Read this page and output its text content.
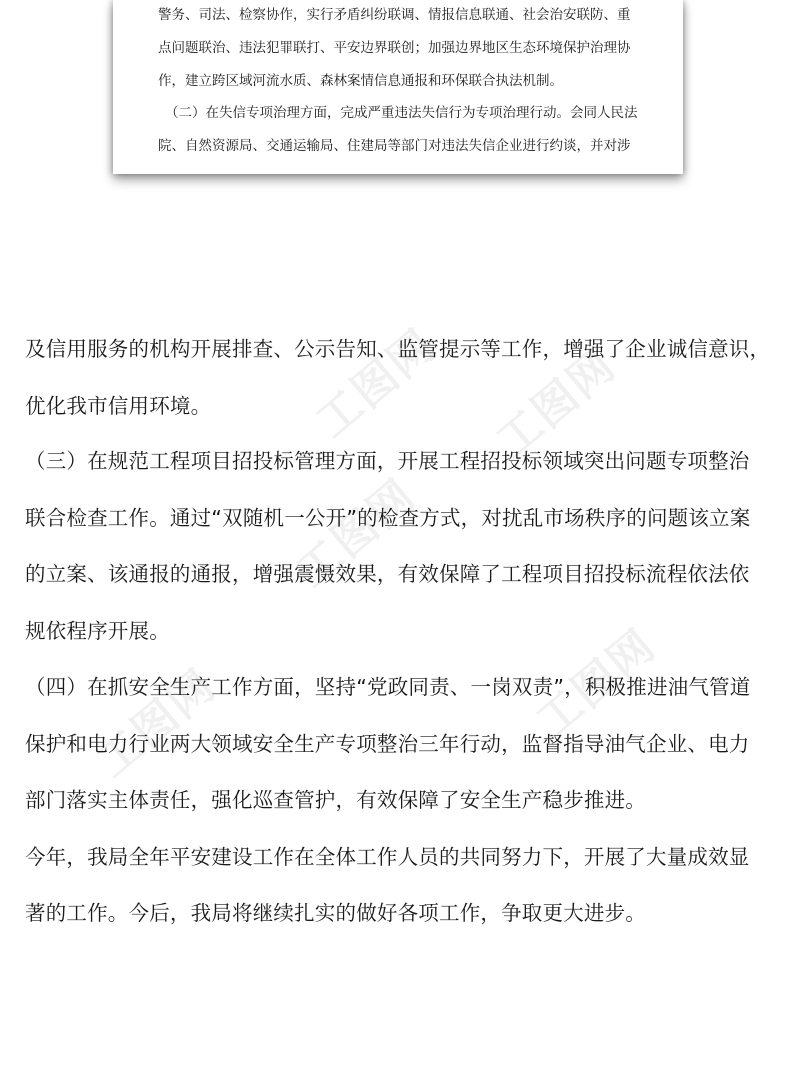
工图网
工图网
工图网	工图网
工图网

警务、司法、检察协作，实行矛盾纠纷联调、情报信息联通、社会治安联防、重

点问题联治、违法犯罪联打、平安边界联创；加强边界地区生态环境保护治理协

作，建立跨区域河流水质、森林案情信息通报和环保联合执法机制。

（二）在失信专项治理方面，完成严重违法失信行为专项治理行动。会同人民法

院、自然资源局、交通运输局、住建局等部门对违法失信企业进行约谈，并对涉

及信用服务的机构开展排查、公示告知、监管提示等工作，增强了企业诚信意识，

优化我市信用环境。

（三）在规范工程项目招投标管理方面，开展工程招投标领域突出问题专项整治

联合检查工作。通过“双随机一公开”的检查方式，对扰乱市场秩序的问题该立案

的立案、该通报的通报，增强震慑效果，有效保障了工程项目招投标流程依法依

规依程序开展。

（四）在抓安全生产工作方面，坚持“党政同责、一岗双责”，积极推进油气管道

保护和电力行业两大领域安全生产专项整治三年行动，监督指导油气企业、电力

部门落实主体责任，强化巡查管护，有效保障了安全生产稳步推进。

今年，我局全年平安建设工作在全体工作人员的共同努力下，开展了大量成效显

著的工作。今后，我局将继续扎实的做好各项工作，争取更大进步。
